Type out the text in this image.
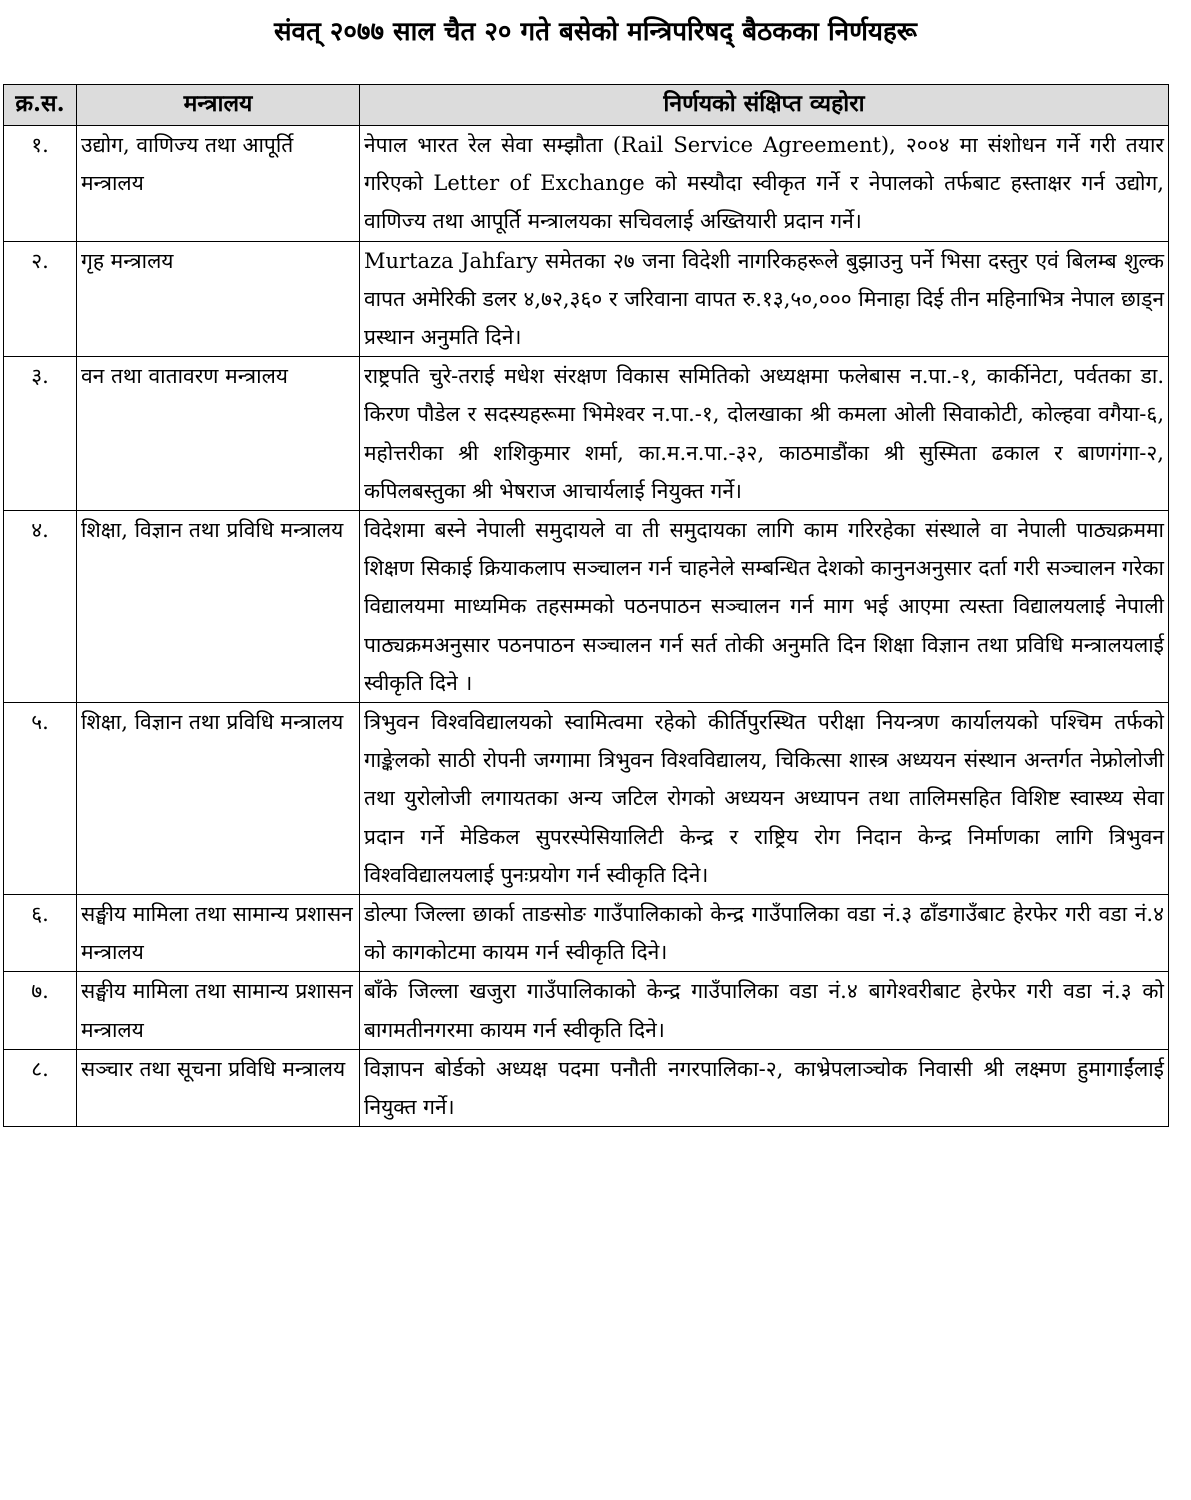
संवत् २०७७ साल चैत २० गते बसेको मन्त्रिपरिषद् बैठकका निर्णयहरू
क्र.स.	मन्त्रालय	निर्णयको संक्षिप्त व्यहोरा
१.	उद्योग, वाणिज्य तथा आपूर्ति मन्त्रालय	नेपाल भारत रेल सेवा सम्झौता (Rail Service Agreement), २००४ मा संशोधन गर्ने गरी तयार गरिएको Letter of Exchange को मस्यौदा स्वीकृत गर्ने र नेपालको तर्फबाट हस्ताक्षर गर्न उद्योग, वाणिज्य तथा आपूर्ति मन्त्रालयका सचिवलाई अख्तियारी प्रदान गर्ने।
२.	गृह मन्त्रालय	Murtaza Jahfary समेतका २७ जना विदेशी नागरिकहरूले बुझाउनु पर्ने भिसा दस्तुर एवं बिलम्ब शुल्क वापत अमेरिकी डलर ४,७२,३६० र जरिवाना वापत रु.१३,५०,००० मिनाहा दिई तीन महिनाभित्र नेपाल छाड्न प्रस्थान अनुमति दिने।
३.	वन तथा वातावरण मन्त्रालय	राष्ट्रपति चुरे-तराई मधेश संरक्षण विकास समितिको अध्यक्षमा फलेबास न.पा.-१, कार्कीनेटा, पर्वतका डा. किरण पौडेल र सदस्यहरूमा भिमेश्वर न.पा.-१, दोलखाका श्री कमला ओली सिवाकोटी, कोल्हवा वगैया-६, महोत्तरीका श्री शशिकुमार शर्मा, का.म.न.पा.-३२, काठमाडौंका श्री सुस्मिता ढकाल र बाणगंगा-२, कपिलबस्तुका श्री भेषराज आचार्यलाई नियुक्त गर्ने।
४.	शिक्षा, विज्ञान तथा प्रविधि मन्त्रालय	विदेशमा बस्ने नेपाली समुदायले वा ती समुदायका लागि काम गरिरहेका संस्थाले वा नेपाली पाठ्यक्रममा शिक्षण सिकाई क्रियाकलाप सञ्चालन गर्न चाहनेले सम्बन्धित देशको कानुनअनुसार दर्ता गरी सञ्चालन गरेका विद्यालयमा माध्यमिक तहसम्मको पठनपाठन सञ्चालन गर्न माग भई आएमा त्यस्ता विद्यालयलाई नेपाली पाठ्यक्रमअनुसार पठनपाठन सञ्चालन गर्न सर्त तोकी अनुमति दिन शिक्षा विज्ञान तथा प्रविधि मन्त्रालयलाई स्वीकृति दिने ।
५.	शिक्षा, विज्ञान तथा प्रविधि मन्त्रालय	त्रिभुवन विश्वविद्यालयको स्वामित्वमा रहेको कीर्तिपुरस्थित परीक्षा नियन्त्रण कार्यालयको पश्चिम तर्फको गाङ्केलको साठी रोपनी जग्गामा त्रिभुवन विश्वविद्यालय, चिकित्सा शास्त्र अध्ययन संस्थान अन्तर्गत नेफ्रोलोजी तथा युरोलोजी लगायतका अन्य जटिल रोगको अध्ययन अध्यापन तथा तालिमसहित विशिष्ट स्वास्थ्य सेवा प्रदान गर्ने मेडिकल सुपरस्पेसियालिटी केन्द्र र राष्ट्रिय रोग निदान केन्द्र निर्माणका लागि त्रिभुवन विश्वविद्यालयलाई पुनःप्रयोग गर्न स्वीकृति दिने।
६.	सङ्घीय मामिला तथा सामान्य प्रशासन मन्त्रालय	डोल्पा जिल्ला छार्का ताङसोङ गाउँपालिकाको केन्द्र गाउँपालिका वडा नं.३ ढाँडगाउँबाट हेरफेर गरी वडा नं.४ को कागकोटमा कायम गर्न स्वीकृति दिने।
७.	सङ्घीय मामिला तथा सामान्य प्रशासन मन्त्रालय	बाँके जिल्ला खजुरा गाउँपालिकाको केन्द्र गाउँपालिका वडा नं.४ बागेश्वरीबाट हेरफेर गरी वडा नं.३ को बागमतीनगरमा कायम गर्न स्वीकृति दिने।
८.	सञ्चार तथा सूचना प्रविधि मन्त्रालय	विज्ञापन बोर्डको अध्यक्ष पदमा पनौती नगरपालिका-२, काभ्रेपलाञ्चोक निवासी श्री लक्ष्मण हुमागाईंलाई नियुक्त गर्ने।
